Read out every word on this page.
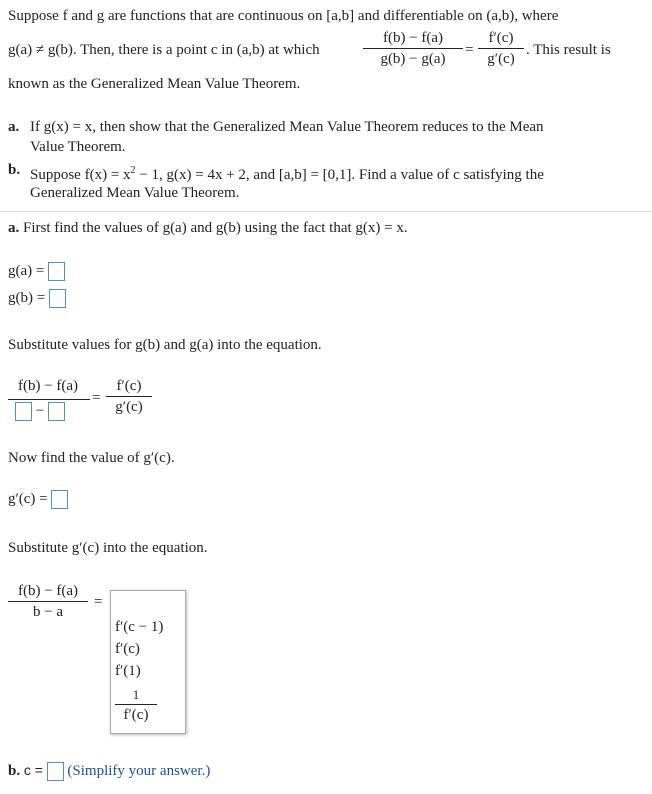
Suppose f and g are functions that are continuous on [a,b] and differentiable on (a,b), where
g(a) ≠ g(b). Then, there is a point c in (a,b) at which	$\frac{f(b) - f(a)}{g(b) - g(a)} = \frac{f'(c)}{g'(c)}$ . This result is
known as the Generalized Mean Value Theorem.
a. If g(x) = x, then show that the Generalized Mean Value Theorem reduces to the Mean
Value Theorem.
b. Suppose $f(x) = x^2 - 1$, g(x) = 4x + 2, and [a,b] = [0,1]. Find a value of c satisfying the
Generalized Mean Value Theorem.
a. First find the values of g(a) and g(b) using the fact that g(x) = x.
g(a) =
g(b) =
Substitute values for g(b) and g(a) into the equation.
f(b) − f(a)
−
= $\frac{f'(c)}{g'(c)}$
Now find the value of g′(c).
g′(c) =
Substitute g′(c) into the equation.
$\frac{f(b) - f(a)}{b - a}$ =
f′(c − 1)
f′(c)
f′(1)
$\frac{1}{f'(c)}$
b. c = (Simplify your answer.)
